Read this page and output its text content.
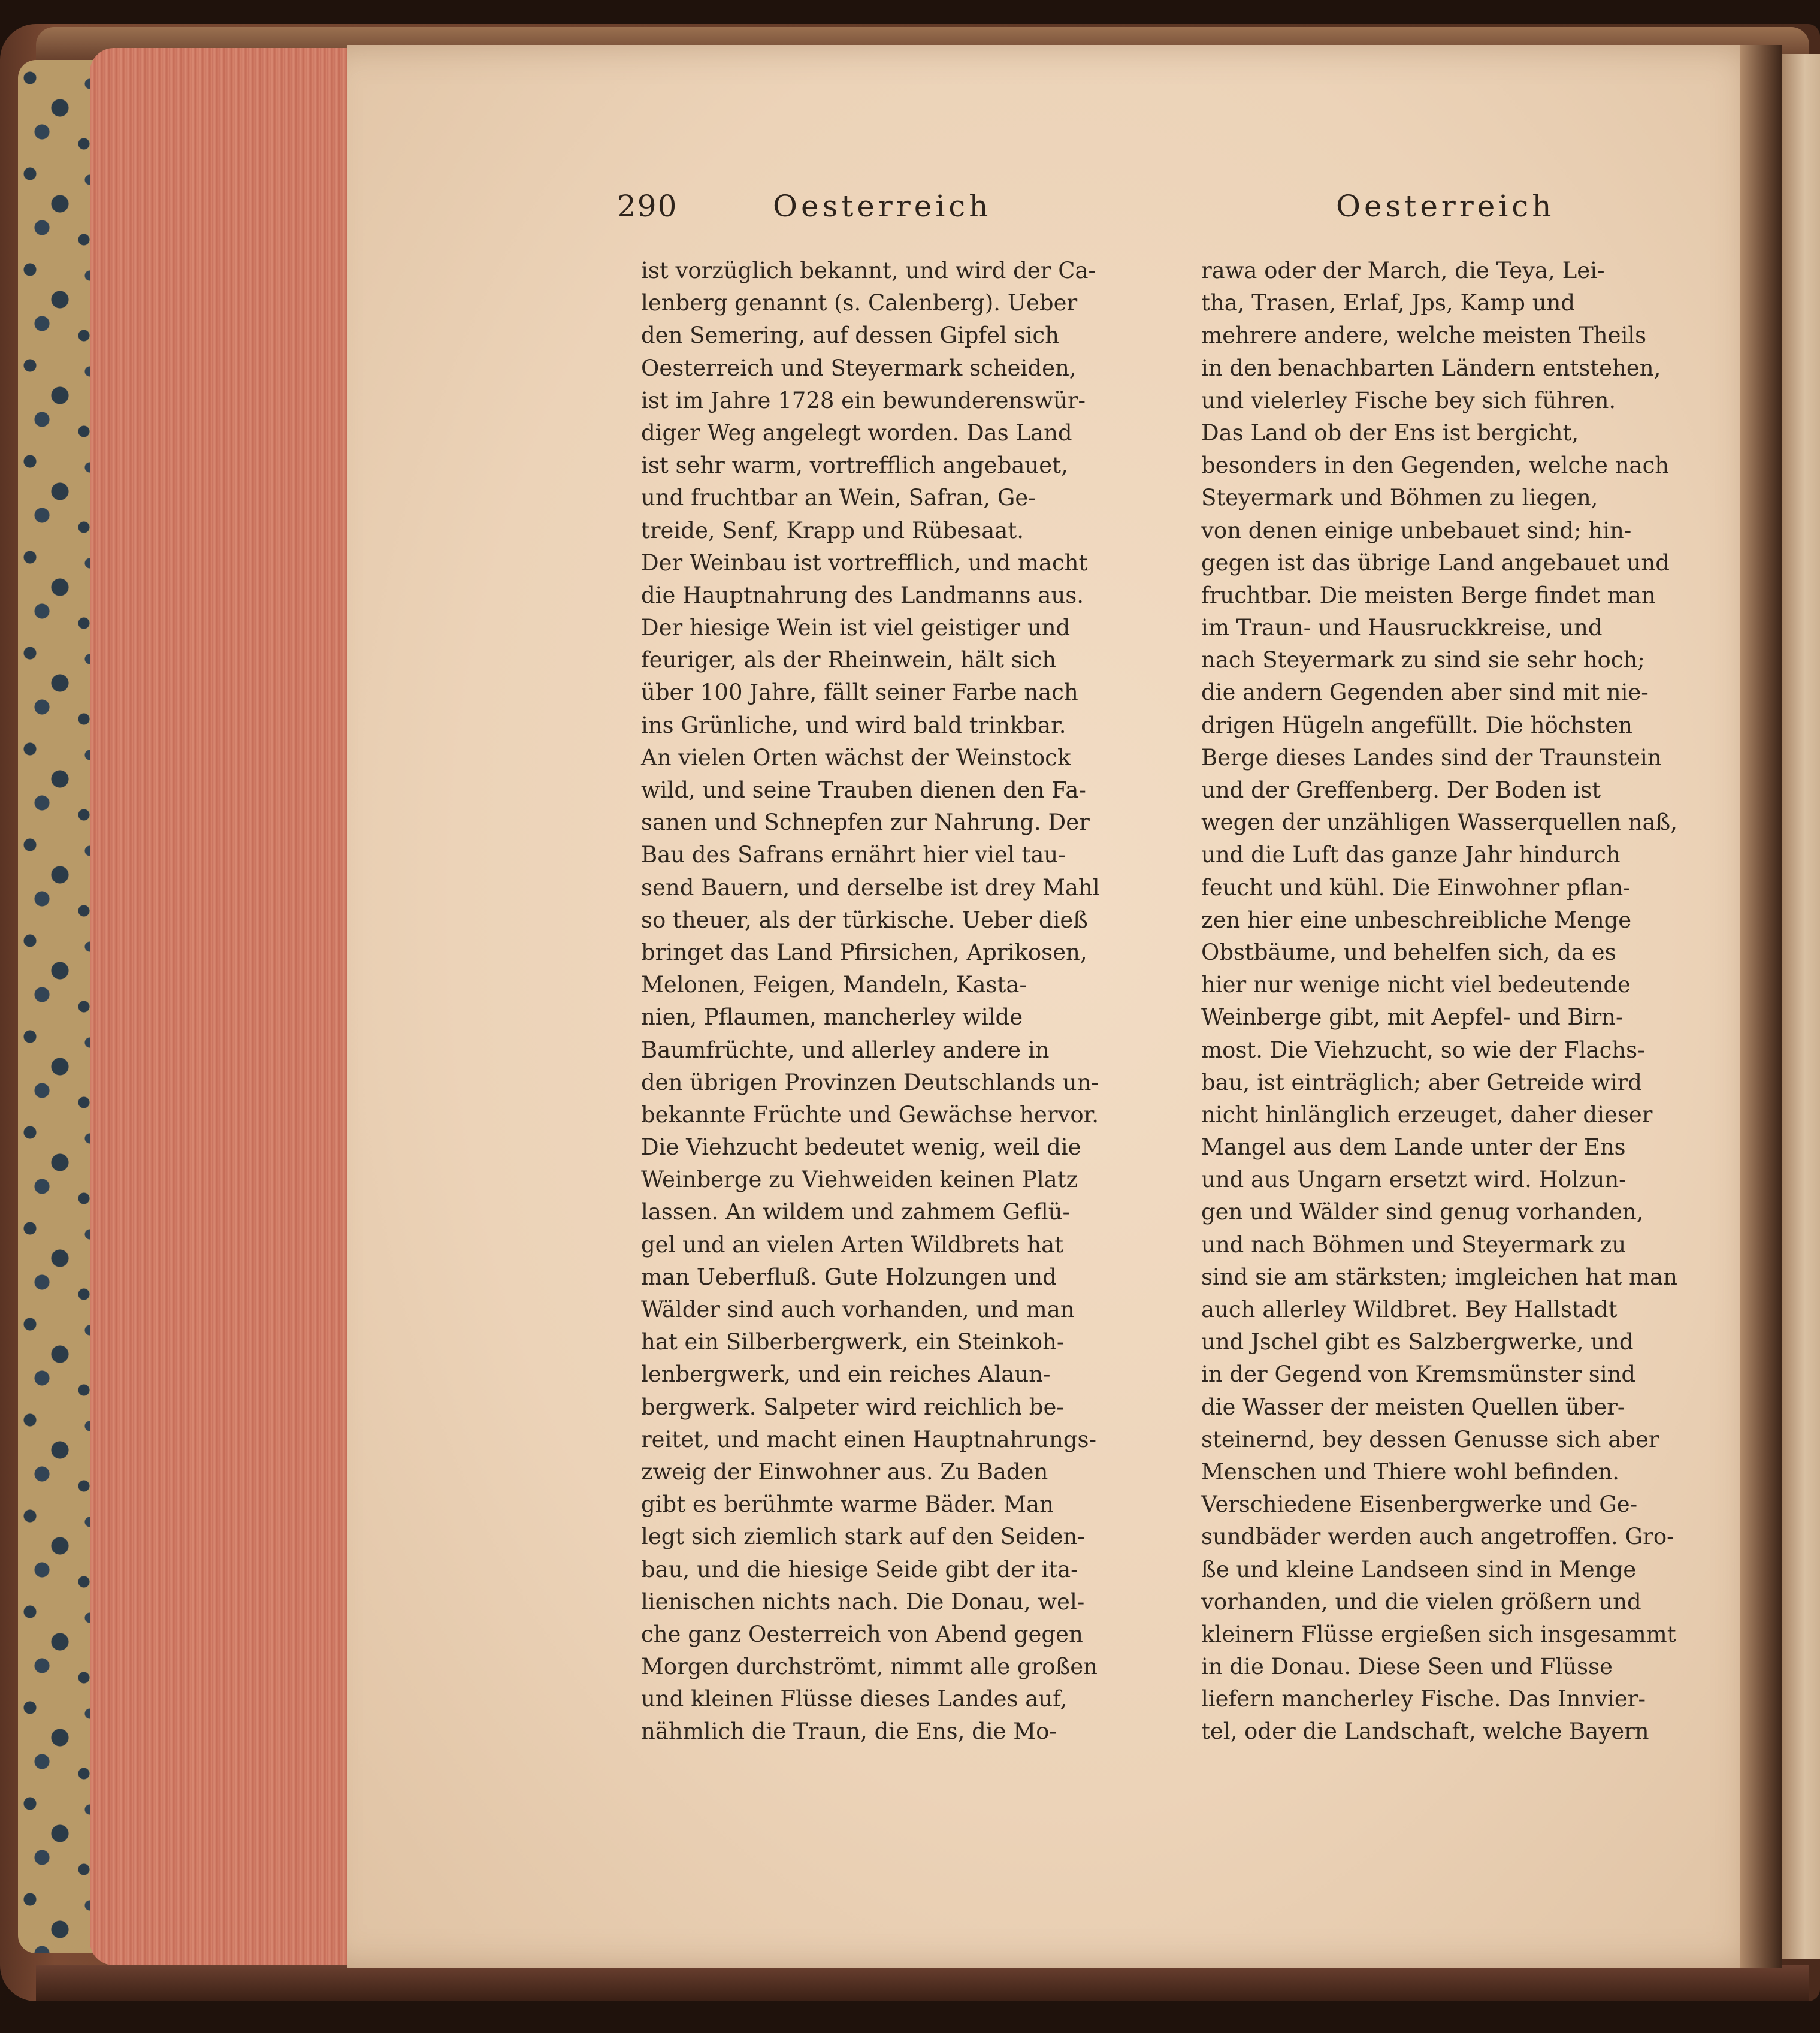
290	Oesterreich	Oesterreich
ist vorzüglich bekannt, und wird der Ca-
lenberg genannt (s. Calenberg). Ueber
den Semering, auf dessen Gipfel sich
Oesterreich und Steyermark scheiden,
ist im Jahre 1728 ein bewunderenswür-
diger Weg angelegt worden. Das Land
ist sehr warm, vortrefflich angebauet,
und fruchtbar an Wein, Safran, Ge-
treide, Senf, Krapp und Rübesaat.
Der Weinbau ist vortrefflich, und macht
die Hauptnahrung des Landmanns aus.
Der hiesige Wein ist viel geistiger und
feuriger, als der Rheinwein, hält sich
über 100 Jahre, fällt seiner Farbe nach
ins Grünliche, und wird bald trinkbar.
An vielen Orten wächst der Weinstock
wild, und seine Trauben dienen den Fa-
sanen und Schnepfen zur Nahrung. Der
Bau des Safrans ernährt hier viel tau-
send Bauern, und derselbe ist drey Mahl
so theuer, als der türkische. Ueber dieß
bringet das Land Pfirsichen, Aprikosen,
Melonen, Feigen, Mandeln, Kasta-
nien, Pflaumen, mancherley wilde
Baumfrüchte, und allerley andere in
den übrigen Provinzen Deutschlands un-
bekannte Früchte und Gewächse hervor.
Die Viehzucht bedeutet wenig, weil die
Weinberge zu Viehweiden keinen Platz
lassen. An wildem und zahmem Geflü-
gel und an vielen Arten Wildbrets hat
man Ueberfluß. Gute Holzungen und
Wälder sind auch vorhanden, und man
hat ein Silberbergwerk, ein Steinkoh-
lenbergwerk, und ein reiches Alaun-
bergwerk. Salpeter wird reichlich be-
reitet, und macht einen Hauptnahrungs-
zweig der Einwohner aus. Zu Baden
gibt es berühmte warme Bäder. Man
legt sich ziemlich stark auf den Seiden-
bau, und die hiesige Seide gibt der ita-
lienischen nichts nach. Die Donau, wel-
che ganz Oesterreich von Abend gegen
Morgen durchströmt, nimmt alle großen
und kleinen Flüsse dieses Landes auf,
nähmlich die Traun, die Ens, die Mo-
rawa oder der March, die Teya, Lei-
tha, Trasen, Erlaf, Jps, Kamp und
mehrere andere, welche meisten Theils
in den benachbarten Ländern entstehen,
und vielerley Fische bey sich führen.
Das Land ob der Ens ist bergicht,
besonders in den Gegenden, welche nach
Steyermark und Böhmen zu liegen,
von denen einige unbebauet sind; hin-
gegen ist das übrige Land angebauet und
fruchtbar. Die meisten Berge findet man
im Traun- und Hausruckkreise, und
nach Steyermark zu sind sie sehr hoch;
die andern Gegenden aber sind mit nie-
drigen Hügeln angefüllt. Die höchsten
Berge dieses Landes sind der Traunstein
und der Greffenberg. Der Boden ist
wegen der unzähligen Wasserquellen naß,
und die Luft das ganze Jahr hindurch
feucht und kühl. Die Einwohner pflan-
zen hier eine unbeschreibliche Menge
Obstbäume, und behelfen sich, da es
hier nur wenige nicht viel bedeutende
Weinberge gibt, mit Aepfel- und Birn-
most. Die Viehzucht, so wie der Flachs-
bau, ist einträglich; aber Getreide wird
nicht hinlänglich erzeuget, daher dieser
Mangel aus dem Lande unter der Ens
und aus Ungarn ersetzt wird. Holzun-
gen und Wälder sind genug vorhanden,
und nach Böhmen und Steyermark zu
sind sie am stärksten; imgleichen hat man
auch allerley Wildbret. Bey Hallstadt
und Jschel gibt es Salzbergwerke, und
in der Gegend von Kremsmünster sind
die Wasser der meisten Quellen über-
steinernd, bey dessen Genusse sich aber
Menschen und Thiere wohl befinden.
Verschiedene Eisenbergwerke und Ge-
sundbäder werden auch angetroffen. Gro-
ße und kleine Landseen sind in Menge
vorhanden, und die vielen größern und
kleinern Flüsse ergießen sich insgesammt
in die Donau. Diese Seen und Flüsse
liefern mancherley Fische. Das Innvier-
tel, oder die Landschaft, welche Bayern
